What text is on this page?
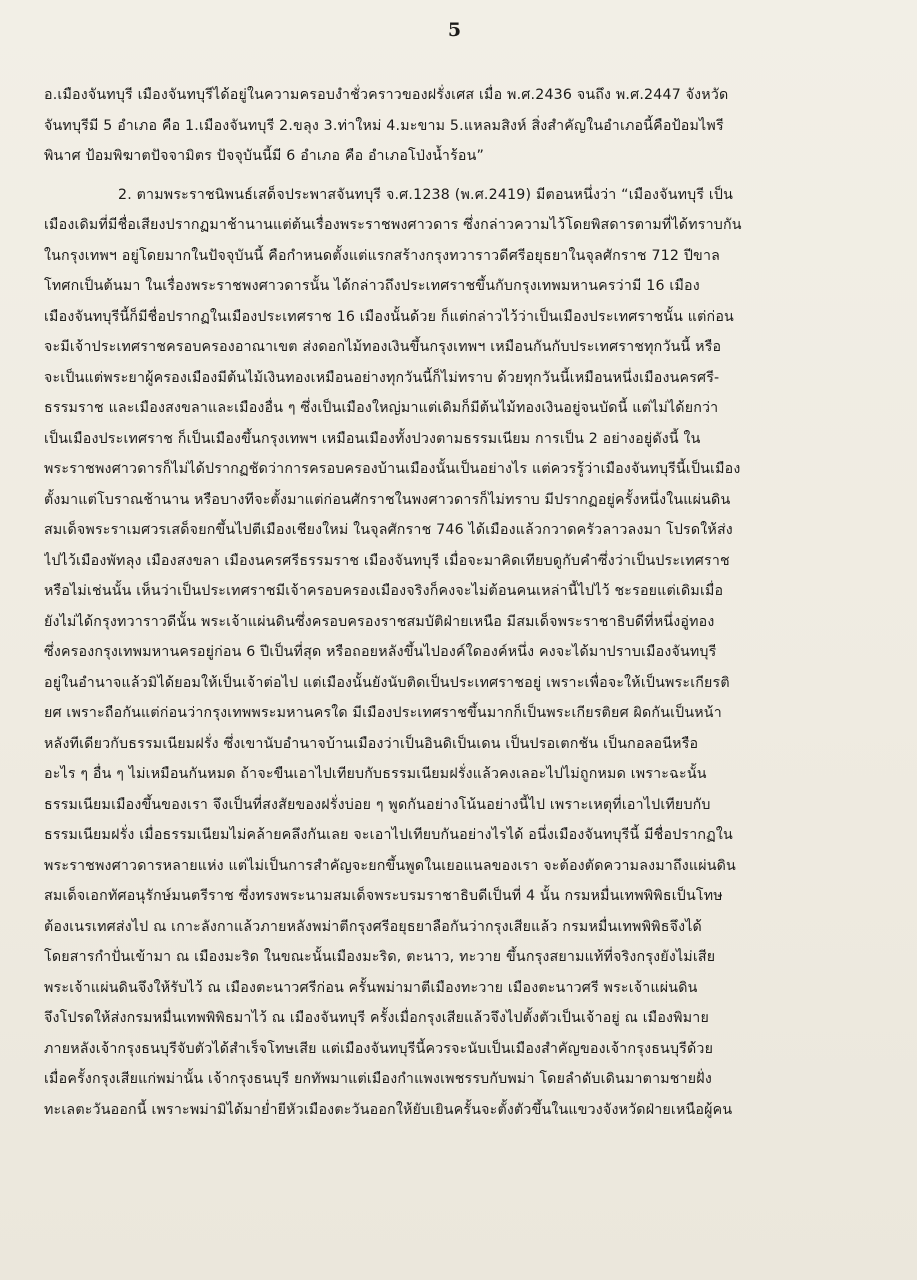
5
อ.เมืองจันทบุรี เมืองจันทบุรีได้อยู่ในความครอบงำชั่วคราวของฝรั่งเศส เมื่อ พ.ศ.2436 จนถึง พ.ศ.2447 จังหวัด
จันทบุรีมี 5 อำเภอ คือ 1.เมืองจันทบุรี 2.ขลุง 3.ท่าใหม่ 4.มะขาม 5.แหลมสิงห์ สิ่งสำคัญในอำเภอนี้คือป้อมไพรี
พินาศ ป้อมพิฆาตปัจจามิตร ปัจจุบันนี้มี 6 อำเภอ คือ อำเภอโป่งน้ำร้อน”
2. ตามพระราชนิพนธ์เสด็จประพาสจันทบุรี จ.ศ.1238 (พ.ศ.2419) มีตอนหนึ่งว่า “เมืองจันทบุรี เป็น
เมืองเดิมที่มีชื่อเสียงปรากฏมาช้านานแต่ต้นเรื่องพระราชพงศาวดาร ซึ่งกล่าวความไว้โดยพิสดารตามที่ได้ทราบกัน
ในกรุงเทพฯ อยู่โดยมากในปัจจุบันนี้ คือกำหนดตั้งแต่แรกสร้างกรุงทวาราวดีศรีอยุธยาในจุลศักราช 712 ปีขาล
โทศกเป็นต้นมา ในเรื่องพระราชพงศาวดารนั้น ได้กล่าวถึงประเทศราชขึ้นกับกรุงเทพมหานครว่ามี 16 เมือง
เมืองจันทบุรีนี้ก็มีชื่อปรากฏในเมืองประเทศราช 16 เมืองนั้นด้วย ก็แต่กล่าวไว้ว่าเป็นเมืองประเทศราชนั้น แต่ก่อน
จะมีเจ้าประเทศราชครอบครองอาณาเขต ส่งดอกไม้ทองเงินขึ้นกรุงเทพฯ เหมือนกันกับประเทศราชทุกวันนี้ หรือ
จะเป็นแต่พระยาผู้ครองเมืองมีต้นไม้เงินทองเหมือนอย่างทุกวันนี้ก็ไม่ทราบ ด้วยทุกวันนี้เหมือนหนึ่งเมืองนครศรี-
ธรรมราช และเมืองสงขลาและเมืองอื่น ๆ ซึ่งเป็นเมืองใหญ่มาแต่เดิมก็มีต้นไม้ทองเงินอยู่จนบัดนี้ แต่ไม่ได้ยกว่า
เป็นเมืองประเทศราช ก็เป็นเมืองขึ้นกรุงเทพฯ เหมือนเมืองทั้งปวงตามธรรมเนียม การเป็น 2 อย่างอยู่ดังนี้ ใน
พระราชพงศาวดารก็ไม่ได้ปรากฏชัดว่าการครอบครองบ้านเมืองนั้นเป็นอย่างไร แต่ควรรู้ว่าเมืองจันทบุรีนี้เป็นเมือง
ตั้งมาแต่โบราณช้านาน หรือบางทีจะตั้งมาแต่ก่อนศักราชในพงศาวดารก็ไม่ทราบ มีปรากฏอยู่ครั้งหนึ่งในแผ่นดิน
สมเด็จพระราเมศวรเสด็จยกขึ้นไปตีเมืองเชียงใหม่ ในจุลศักราช 746 ได้เมืองแล้วกวาดครัวลาวลงมา โปรดให้ส่ง
ไปไว้เมืองพัทลุง เมืองสงขลา เมืองนครศรีธรรมราช เมืองจันทบุรี เมื่อจะมาคิดเทียบดูกับคำซึ่งว่าเป็นประเทศราช
หรือไม่เช่นนั้น เห็นว่าเป็นประเทศราชมีเจ้าครอบครองเมืองจริงก็คงจะไม่ต้อนคนเหล่านี้ไปไว้ ชะรอยแต่เดิมเมื่อ
ยังไม่ได้กรุงทวาราวดีนั้น พระเจ้าแผ่นดินซึ่งครอบครองราชสมบัติฝ่ายเหนือ มีสมเด็จพระราชาธิบดีที่หนึ่งอู่ทอง
ซึ่งครองกรุงเทพมหานครอยู่ก่อน 6 ปีเป็นที่สุด หรือถอยหลังขึ้นไปองค์ใดองค์หนึ่ง คงจะได้มาปราบเมืองจันทบุรี
อยู่ในอำนาจแล้วมิได้ยอมให้เป็นเจ้าต่อไป แต่เมืองนั้นยังนับติดเป็นประเทศราชอยู่ เพราะเพื่อจะให้เป็นพระเกียรติ
ยศ เพราะถือกันแต่ก่อนว่ากรุงเทพพระมหานครใด มีเมืองประเทศราชขึ้นมากก็เป็นพระเกียรติยศ ผิดกันเป็นหน้า
หลังทีเดียวกับธรรมเนียมฝรั่ง ซึ่งเขานับอำนาจบ้านเมืองว่าเป็นอินดิเป็นเดน เป็นปรอเตกชัน เป็นกอลอนีหรือ
อะไร ๆ อื่น ๆ ไม่เหมือนกันหมด ถ้าจะขืนเอาไปเทียบกับธรรมเนียมฝรั่งแล้วคงเลอะไปไม่ถูกหมด เพราะฉะนั้น
ธรรมเนียมเมืองขึ้นของเรา จึงเป็นที่สงสัยของฝรั่งบ่อย ๆ พูดกันอย่างโน้นอย่างนี้ไป เพราะเหตุที่เอาไปเทียบกับ
ธรรมเนียมฝรั่ง เมื่อธรรมเนียมไม่คล้ายคลึงกันเลย จะเอาไปเทียบกันอย่างไรได้ อนึ่งเมืองจันทบุรีนี้ มีชื่อปรากฏใน
พระราชพงศาวดารหลายแห่ง แต่ไม่เป็นการสำคัญจะยกขึ้นพูดในเยอแนลของเรา จะต้องตัดความลงมาถึงแผ่นดิน
สมเด็จเอกทัศอนุรักษ์มนตรีราช ซึ่งทรงพระนามสมเด็จพระบรมราชาธิบดีเป็นที่ 4 นั้น กรมหมื่นเทพพิพิธเป็นโทษ
ต้องเนรเทศส่งไป ณ เกาะลังกาแล้วภายหลังพม่าตีกรุงศรีอยุธยาลือกันว่ากรุงเสียแล้ว กรมหมื่นเทพพิพิธจึงได้
โดยสารกำปั่นเข้ามา ณ เมืองมะริด ในขณะนั้นเมืองมะริด, ตะนาว, ทะวาย ขึ้นกรุงสยามแท้ที่จริงกรุงยังไม่เสีย
พระเจ้าแผ่นดินจึงให้รับไว้ ณ เมืองตะนาวศรีก่อน ครั้นพม่ามาตีเมืองทะวาย เมืองตะนาวศรี พระเจ้าแผ่นดิน
จึงโปรดให้ส่งกรมหมื่นเทพพิพิธมาไว้ ณ เมืองจันทบุรี ครั้งเมื่อกรุงเสียแล้วจึงไปตั้งตัวเป็นเจ้าอยู่ ณ เมืองพิมาย
ภายหลังเจ้ากรุงธนบุรีจับตัวได้สำเร็จโทษเสีย แต่เมืองจันทบุรีนี้ควรจะนับเป็นเมืองสำคัญของเจ้ากรุงธนบุรีด้วย
เมื่อครั้งกรุงเสียแก่พม่านั้น เจ้ากรุงธนบุรี ยกทัพมาแต่เมืองกำแพงเพชรรบกับพม่า โดยลำดับเดินมาตามชายฝั่ง
ทะเลตะวันออกนี้ เพราะพม่ามิได้มาย่ำยีหัวเมืองตะวันออกให้ยับเยินครั้นจะตั้งตัวขึ้นในแขวงจังหวัดฝ่ายเหนือผู้คน
